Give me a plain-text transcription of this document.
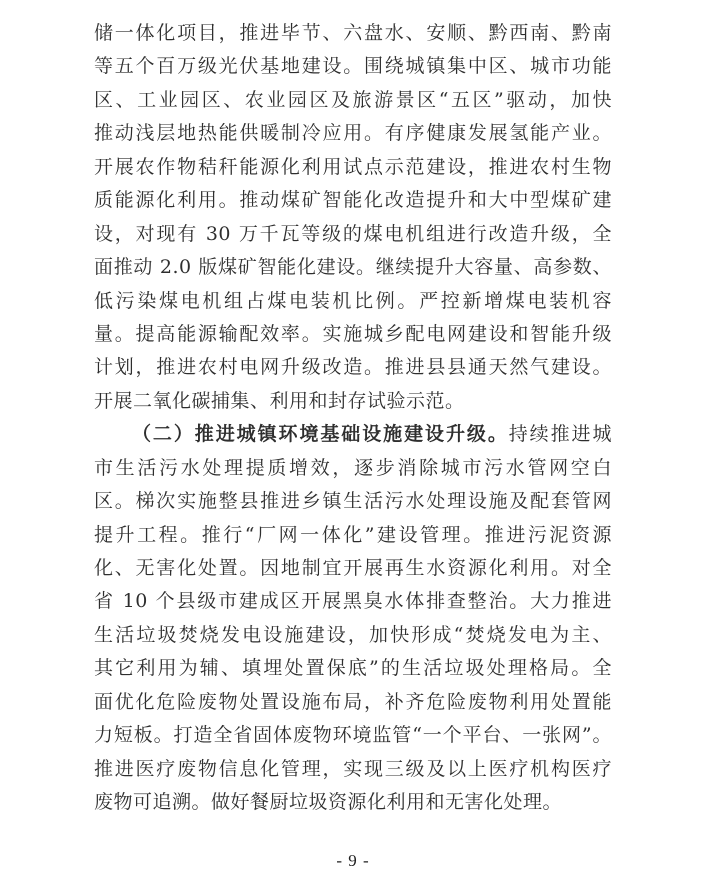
储一体化项目，推进毕节、六盘水、安顺、黔西南、黔南
等五个百万级光伏基地建设。围绕城镇集中区、城市功能
区、工业园区、农业园区及旅游景区“五区”驱动，加快
推动浅层地热能供暖制冷应用。有序健康发展氢能产业。
开展农作物秸秆能源化利用试点示范建设，推进农村生物
质能源化利用。推动煤矿智能化改造提升和大中型煤矿建
设，对现有 30 万千瓦等级的煤电机组进行改造升级，全
面推动 2.0 版煤矿智能化建设。继续提升大容量、高参数、
低污染煤电机组占煤电装机比例。严控新增煤电装机容
量。提高能源输配效率。实施城乡配电网建设和智能升级
计划，推进农村电网升级改造。推进县县通天然气建设。
开展二氧化碳捕集、利用和封存试验示范。
（二）推进城镇环境基础设施建设升级。持续推进城
市生活污水处理提质增效，逐步消除城市污水管网空白
区。梯次实施整县推进乡镇生活污水处理设施及配套管网
提升工程。推行“厂网一体化”建设管理。推进污泥资源
化、无害化处置。因地制宜开展再生水资源化利用。对全
省 10 个县级市建成区开展黑臭水体排查整治。大力推进
生活垃圾焚烧发电设施建设，加快形成“焚烧发电为主、
其它利用为辅、填埋处置保底”的生活垃圾处理格局。全
面优化危险废物处置设施布局，补齐危险废物利用处置能
力短板。打造全省固体废物环境监管“一个平台、一张网”。
推进医疗废物信息化管理，实现三级及以上医疗机构医疗
废物可追溯。做好餐厨垃圾资源化利用和无害化处理。
- 9 -
